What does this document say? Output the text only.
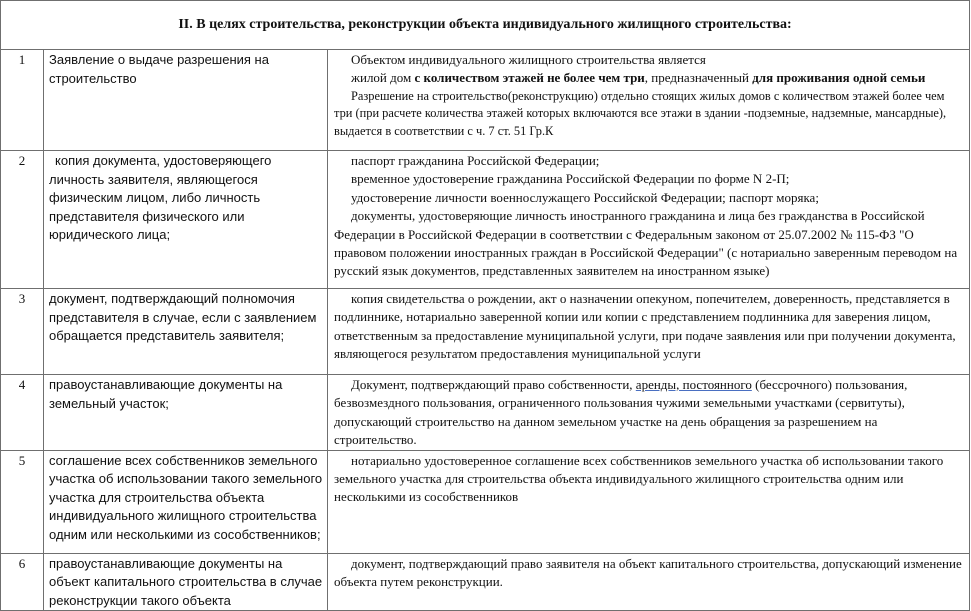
II. В целях строительства, реконструкции объекта индивидуального жилищного строительства:		
1	Заявление о выдаче разрешения на строительство	Объектом индивидуального жилищного строительства является
жилой дом с количеством этажей не более чем три, предназначенный для проживания одной семьи
Разрешение на строительство(реконструкцию) отдельно стоящих жилых домов с количеством этажей более чем три (при расчете количества этажей которых включаются все этажи в здании -подземные, надземные, мансардные), выдается в соответствии с ч. 7 ст. 51 Гр.К

2	копия документа, удостоверяющего личность заявителя, являющегося физическим лицом, либо личность представителя физического или юридического лица;	паспорт гражданина Российской Федерации;
временное удостоверение гражданина Российской Федерации по форме N 2-П;
удостоверение личности военнослужащего Российской Федерации; паспорт моряка;
документы, удостоверяющие личность иностранного гражданина и лица без гражданства в Российской Федерации в Российской Федерации в соответствии с Федеральным законом от 25.07.2002 № 115-ФЗ "О правовом положении иностранных граждан в Российской Федерации" (с нотариально заверенным переводом на русский язык документов, представленных заявителем на иностранном языке)

3	документ, подтверждающий полномочия представителя в случае, если с заявлением обращается представитель заявителя;	копия свидетельства о рождении, акт о назначении опекуном, попечителем, доверенность, представляется в подлиннике, нотариально заверенной копии или копии с представлением подлинника для заверения лицом, ответственным за предоставление муниципальной услуги, при подаче заявления или при получении документа, являющегося результатом предоставления муниципальной услуги

4	правоустанавливающие документы на земельный участок;	Документ, подтверждающий право собственности, аренды, постоянного (бессрочного) пользования, безвозмездного пользования, ограниченного пользования чужими земельными участками (сервитуты), допускающий строительство на данном земельном участке на день обращения за разрешением на строительство.

5	соглашение всех собственников земельного участка об использовании такого земельного участка для строительства объекта индивидуального жилищного строительства одним или несколькими из сособственников;	нотариально удостоверенное соглашение всех собственников земельного участка об использовании такого земельного участка для строительства объекта индивидуального жилищного строительства одним или несколькими из сособственников

6	правоустанавливающие документы на объект капитального строительства в случае реконструкции такого объекта	документ, подтверждающий право заявителя на объект капитального строительства, допускающий изменение объекта путем реконструкции.
